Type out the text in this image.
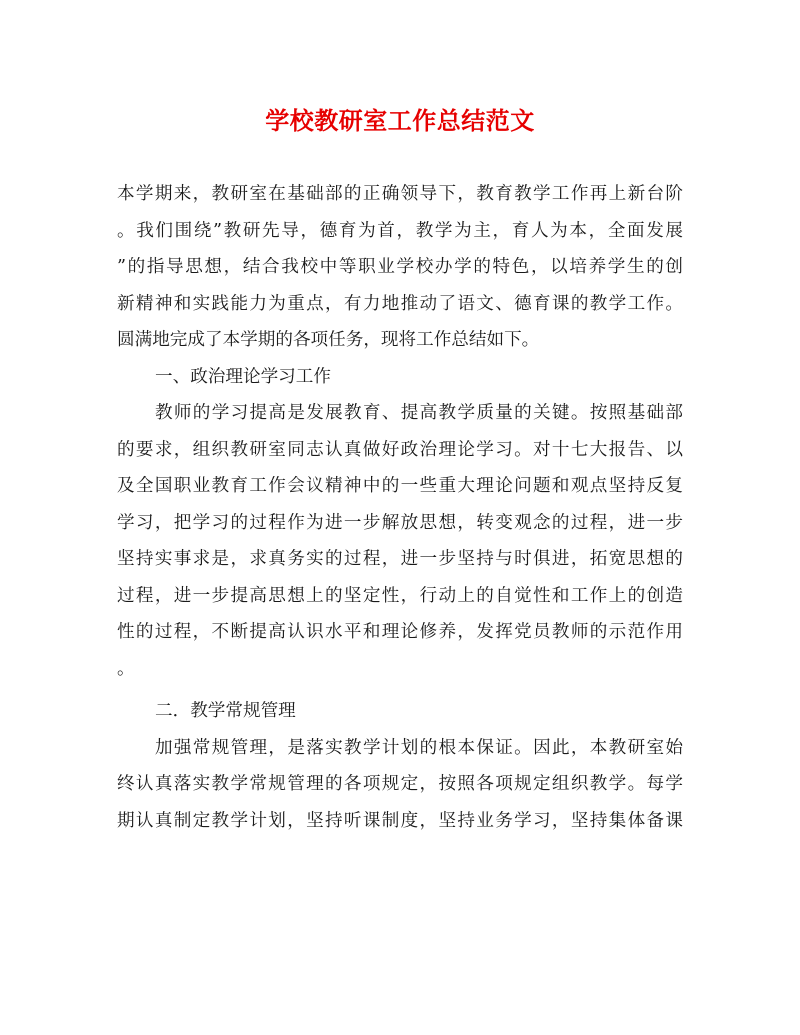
学校教研室工作总结范文
本学期来，教研室在基础部的正确领导下，教育教学工作再上新台阶
。我们围绕”教研先导，德育为首，教学为主，育人为本，全面发展
”的指导思想，结合我校中等职业学校办学的特色，以培养学生的创
新精神和实践能力为重点，有力地推动了语文、德育课的教学工作。
圆满地完成了本学期的各项任务，现将工作总结如下。
一、政治理论学习工作
教师的学习提高是发展教育、提高教学质量的关键。按照基础部
的要求，组织教研室同志认真做好政治理论学习。对十七大报告、以
及全国职业教育工作会议精神中的一些重大理论问题和观点坚持反复
学习，把学习的过程作为进一步解放思想，转变观念的过程，进一步
坚持实事求是，求真务实的过程，进一步坚持与时俱进，拓宽思想的
过程，进一步提高思想上的坚定性，行动上的自觉性和工作上的创造
性的过程，不断提高认识水平和理论修养，发挥党员教师的示范作用
。
二．教学常规管理
加强常规管理，是落实教学计划的根本保证。因此，本教研室始
终认真落实教学常规管理的各项规定，按照各项规定组织教学。每学
期认真制定教学计划，坚持听课制度，坚持业务学习，坚持集体备课
